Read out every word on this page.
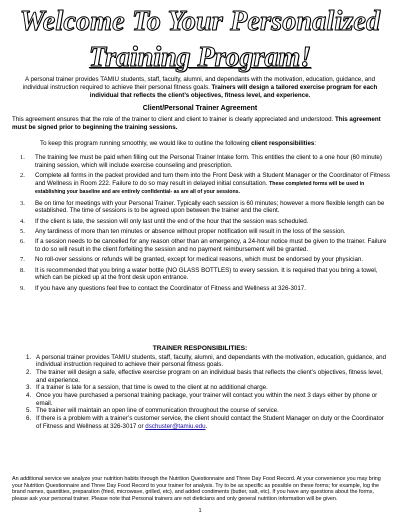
Welcome To Your Personalized
Training Program!
A personal trainer provides TAMIU students, staff, faculty, alumni, and dependants with the motivation, education, guidance, and individual instruction required to achieve their personal fitness goals. Trainers will design a tailored exercise program for each individual that reflects the client’s objectives, fitness level, and experience.
Client/Personal Trainer Agreement
This agreement ensures that the role of the trainer to client and client to trainer is clearly appreciated and understood. This agreement must be signed prior to beginning the training sessions.
To keep this program running smoothly, we would like to outline the following client responsibilities:
1.	The training fee must be paid when filling out the Personal Trainer Intake form. This entitles the client to a one hour (60 minute) training session, which will include exercise counseling and prescription.
2.	Complete all forms in the packet provided and turn them into the Front Desk with a Student Manager or the Coordinator of Fitness and Wellness in Room 222. Failure to do so may result in delayed initial consultation. These completed forms will be used in establishing your baseline and are entirely confidential- as are all of your sessions.
3.	Be on time for meetings with your Personal Trainer. Typically each session is 60 minutes; however a more flexible length can be established. The time of sessions is to be agreed upon between the trainer and the client.
4.	If the client is late, the session will only last until the end of the hour that the session was scheduled.
5.	Any tardiness of more than ten minutes or absence without proper notification will result in the loss of the session.
6.	If a session needs to be cancelled for any reason other than an emergency, a 24-hour notice must be given to the trainer. Failure to do so will result in the client forfeiting the session and no payment reimbursement will be granted.
7.	No roll-over sessions or refunds will be granted, except for medical reasons, which must be endorsed by your physician.
8.	It is recommended that you bring a water bottle (NO GLASS BOTTLES) to every session. It is required that you bring a towel, which can be picked up at the front desk upon entrance.
9.	If you have any questions feel free to contact the Coordinator of Fitness and Wellness at 326-3017.
TRAINER RESPONSIBILITIES:
1. A personal trainer provides TAMIU students, staff, faculty, alumni, and dependants with the motivation, education, guidance, and individual instruction required to achieve their personal fitness goals.
2. The trainer will design a safe, effective exercise program on an individual basis that reflects the client’s objectives, fitness level, and experience.
3. If a trainer is late for a session, that time is owed to the client at no additional charge.
4. Once you have purchased a personal training package, your trainer will contact you within the next 3 days either by phone or email.
5. The trainer will maintain an open line of communication throughout the course of service.
6. If there is a problem with a trainer’s customer service, the client should contact the Student Manager on duty or the Coordinator of Fitness and Wellness at 326-3017 or dschuster@tamiu.edu.
An additional service we analyze your nutrition habits through the Nutrition Questionnaire and Three Day Food Record. At your convenience you may bring your Nutrition Questionnaire and Three Day Food Record to your trainer for analysis. Try to be as specific as possible on these forms; for example, log the brand names, quantities, preparation (fried, microwave, grilled, etc), and added condiments (butter, salt, etc). If you have any questions about the forms, please ask your personal trainer. Please note that Personal trainers are not dieticians and only general nutrition information will be given.
1
